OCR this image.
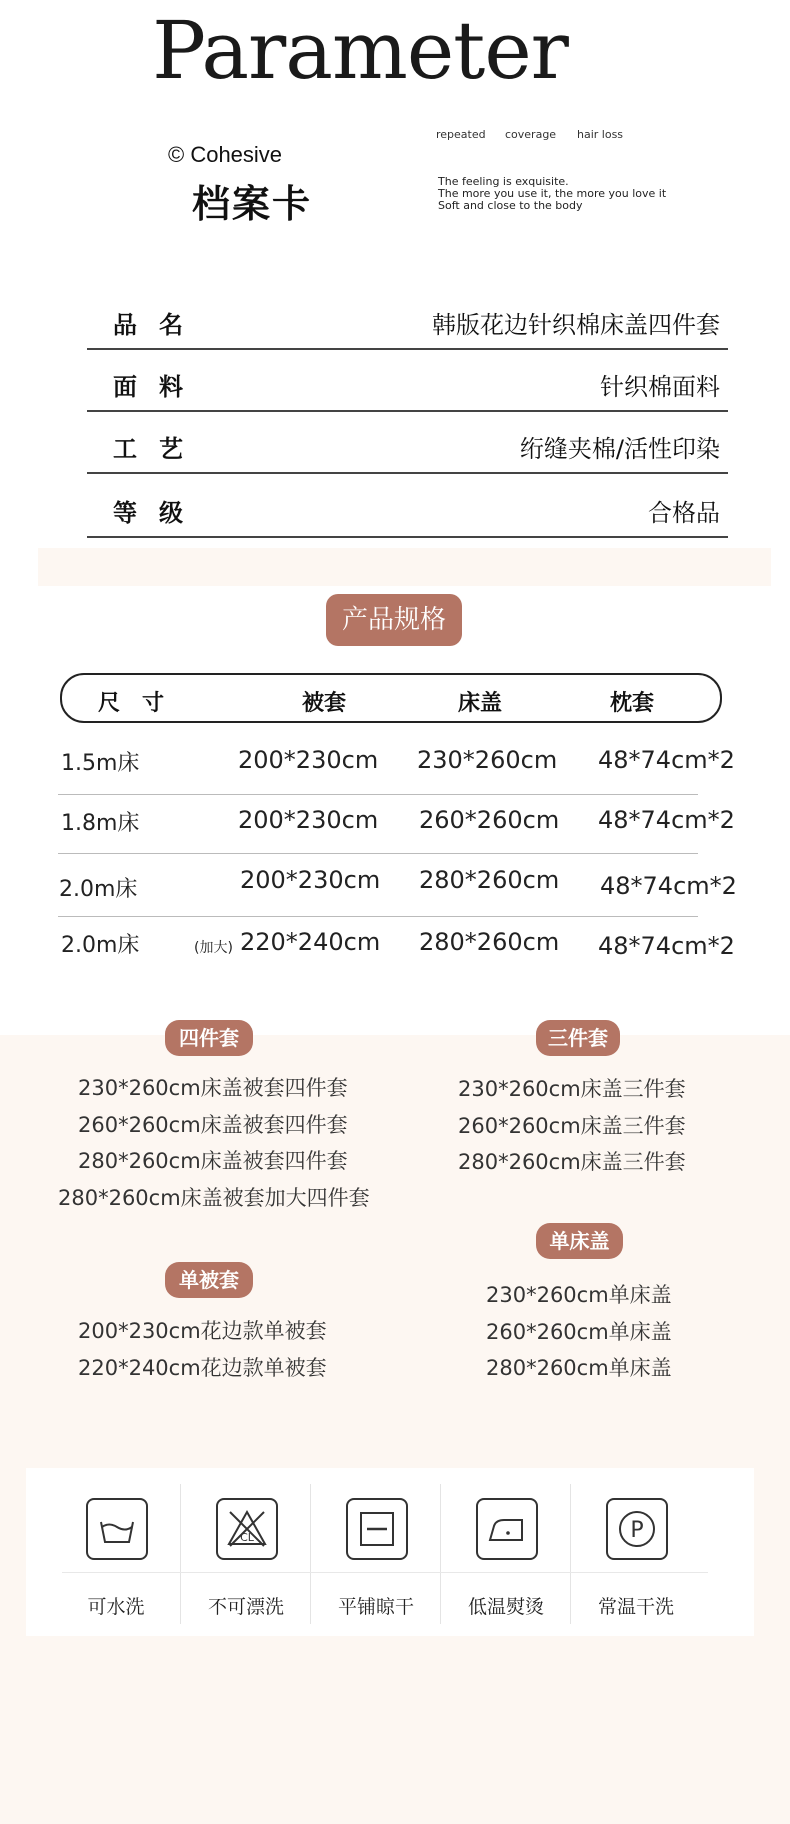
Parameter
© Cohesive
档案卡
repeated coverage hair loss
The feeling is exquisite.
The more you use it, the more you love it
Soft and close to the body
品名	韩版花边针织棉床盖四件套
面料	针织棉面料
工艺	绗缝夹棉/活性印染
等级	合格品
产品规格
尺　寸	被套	床盖	枕套
1.5m床	200*230cm 230*260cm 48*74cm*2
1.8m床	200*230cm 260*260cm 48*74cm*2
2.0m床	200*230cm 280*260cm 48*74cm*2
2.0m床	(加大) 220*240cm 280*260cm 48*74cm*2
四件套
230*260cm床盖被套四件套
260*260cm床盖被套四件套
280*260cm床盖被套四件套
280*260cm床盖被套加大四件套
三件套
230*260cm床盖三件套
260*260cm床盖三件套
280*260cm床盖三件套
单床盖
230*260cm单床盖
260*260cm单床盖
280*260cm单床盖
单被套
200*230cm花边款单被套
220*240cm花边款单被套
可水洗
CL
不可漂洗	平铺晾干	低温熨烫
P
常温干洗
